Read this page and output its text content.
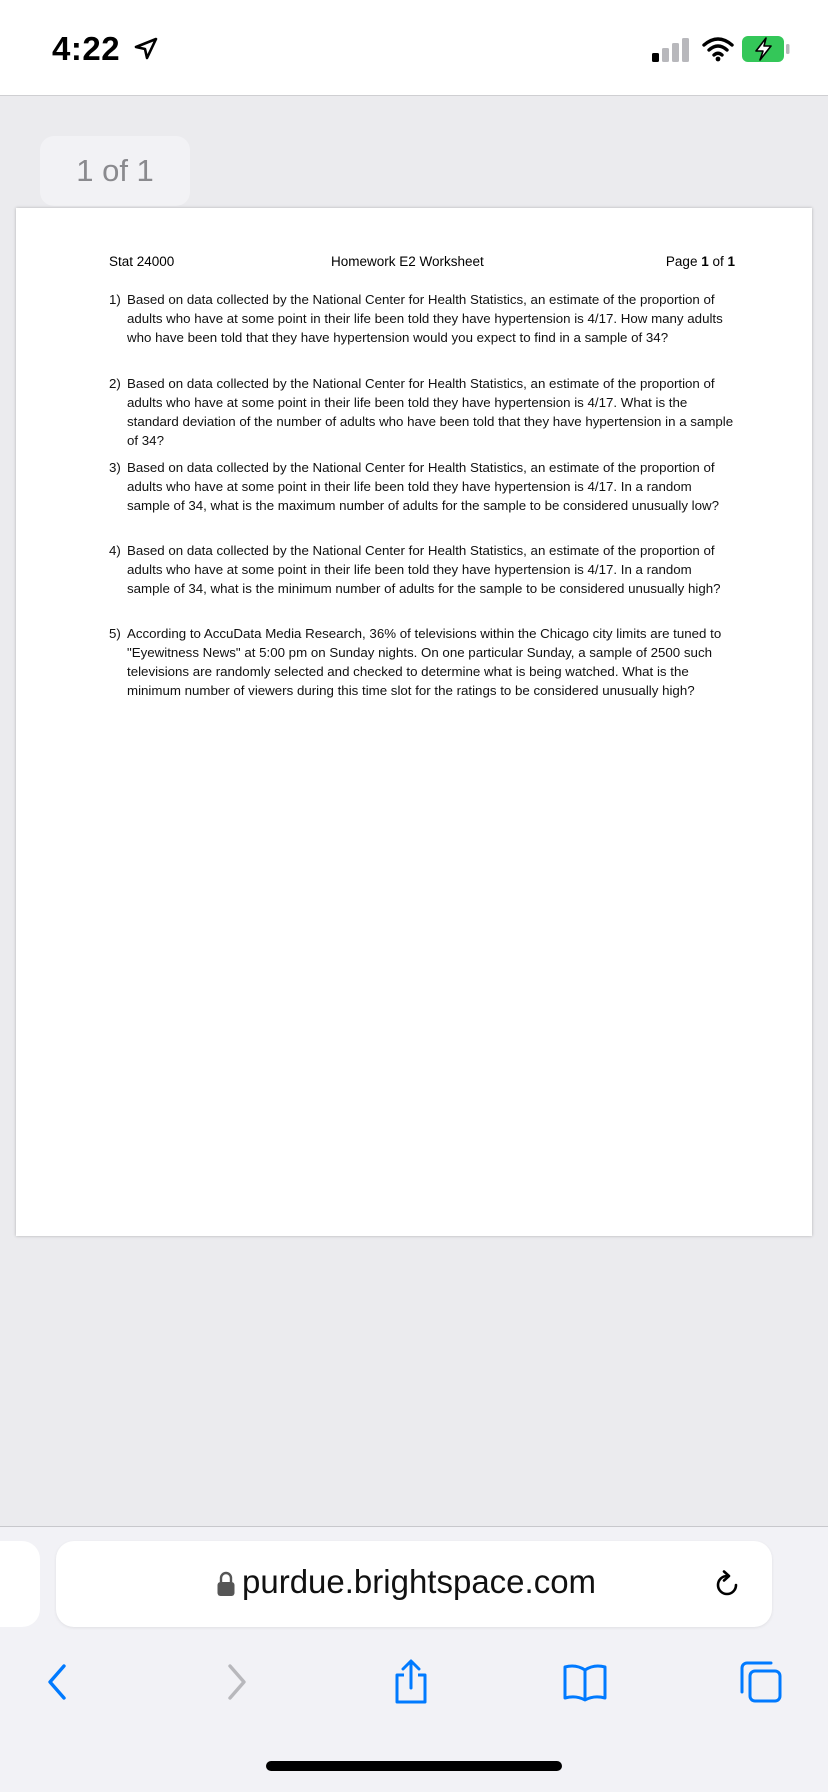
4:22
1 of 1
Stat 24000	Homework E2 Worksheet	Page 1 of 1
1) Based on data collected by the National Center for Health Statistics, an estimate of the proportion of adults who have at some point in their life been told they have hypertension is 4/17. How many adults who have been told that they have hypertension would you expect to find in a sample of 34?
2) Based on data collected by the National Center for Health Statistics, an estimate of the proportion of adults who have at some point in their life been told they have hypertension is 4/17. What is the standard deviation of the number of adults who have been told that they have hypertension in a sample of 34?
3) Based on data collected by the National Center for Health Statistics, an estimate of the proportion of adults who have at some point in their life been told they have hypertension is 4/17. In a random sample of 34, what is the maximum number of adults for the sample to be considered unusually low?
4) Based on data collected by the National Center for Health Statistics, an estimate of the proportion of adults who have at some point in their life been told they have hypertension is 4/17. In a random sample of 34, what is the minimum number of adults for the sample to be considered unusually high?
5) According to AccuData Media Research, 36% of televisions within the Chicago city limits are tuned to "Eyewitness News" at 5:00 pm on Sunday nights. On one particular Sunday, a sample of 2500 such televisions are randomly selected and checked to determine what is being watched. What is the minimum number of viewers during this time slot for the ratings to be considered unusually high?
purdue.brightspace.com
